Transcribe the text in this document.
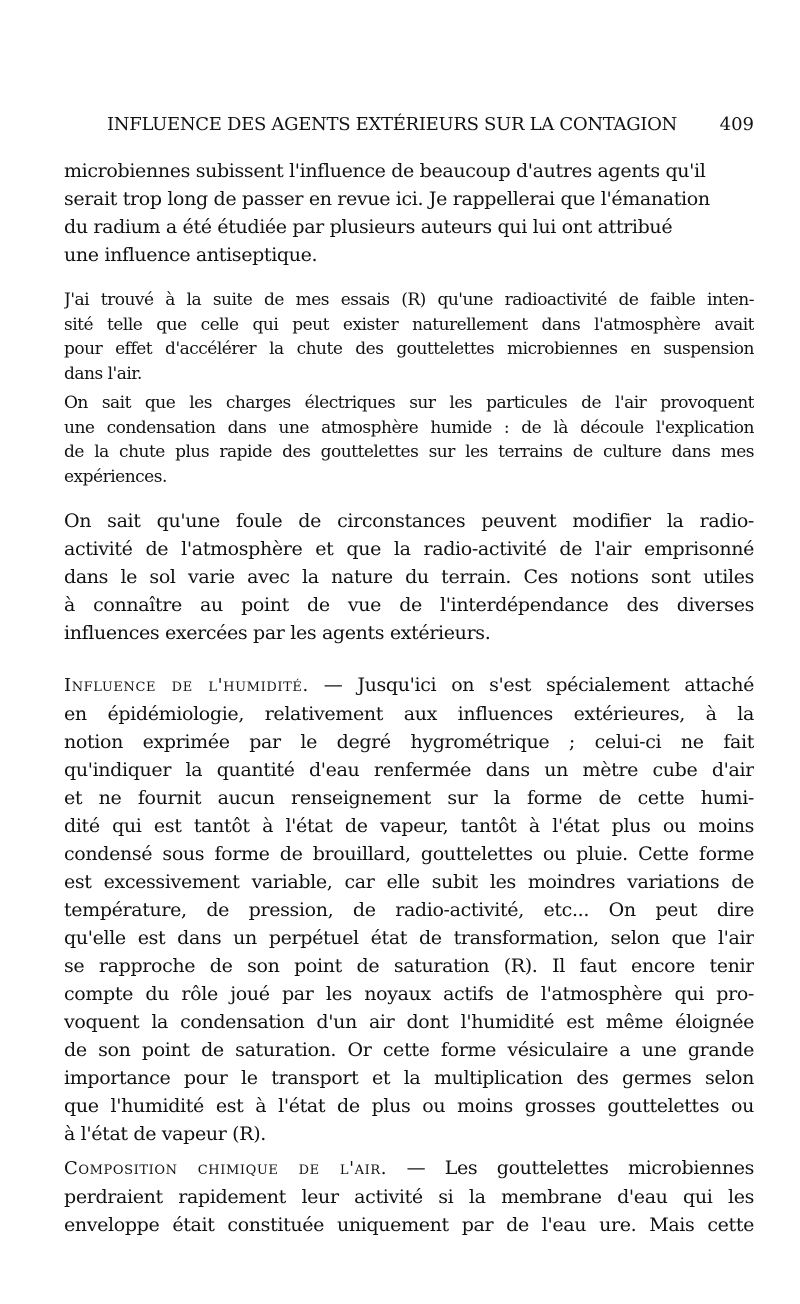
INFLUENCE DES AGENTS EXTÉRIEURS SUR LA CONTAGION 409
microbiennes subissent l'influence de beaucoup d'autres agents qu'il
serait trop long de passer en revue ici. Je rappellerai que l'émanation
du radium a été étudiée par plusieurs auteurs qui lui ont attribué
une influence antiseptique.
J'ai trouvé à la suite de mes essais (R) qu'une radioactivité de faible inten-
sité telle que celle qui peut exister naturellement dans l'atmosphère avait
pour effet d'accélérer la chute des gouttelettes microbiennes en suspension
dans l'air.
On sait que les charges électriques sur les particules de l'air provoquent
une condensation dans une atmosphère humide : de là découle l'explication
de la chute plus rapide des gouttelettes sur les terrains de culture dans mes
expériences.
On sait qu'une foule de circonstances peuvent modifier la radio-
activité de l'atmosphère et que la radio-activité de l'air emprisonné
dans le sol varie avec la nature du terrain. Ces notions sont utiles
à connaître au point de vue de l'interdépendance des diverses
influences exercées par les agents extérieurs.
Influence de l'humidité. — Jusqu'ici on s'est spécialement attaché
en épidémiologie, relativement aux influences extérieures, à la
notion exprimée par le degré hygrométrique ; celui-ci ne fait
qu'indiquer la quantité d'eau renfermée dans un mètre cube d'air
et ne fournit aucun renseignement sur la forme de cette humi-
dité qui est tantôt à l'état de vapeur, tantôt à l'état plus ou moins
condensé sous forme de brouillard, gouttelettes ou pluie. Cette forme
est excessivement variable, car elle subit les moindres variations de
température, de pression, de radio-activité, etc... On peut dire
qu'elle est dans un perpétuel état de transformation, selon que l'air
se rapproche de son point de saturation (R). Il faut encore tenir
compte du rôle joué par les noyaux actifs de l'atmosphère qui pro-
voquent la condensation d'un air dont l'humidité est même éloignée
de son point de saturation. Or cette forme vésiculaire a une grande
importance pour le transport et la multiplication des germes selon
que l'humidité est à l'état de plus ou moins grosses gouttelettes ou
à l'état de vapeur (R).
Composition chimique de l'air. — Les gouttelettes microbiennes
perdraient rapidement leur activité si la membrane d'eau qui les
enveloppe était constituée uniquement par de l'eau ure. Mais cette
